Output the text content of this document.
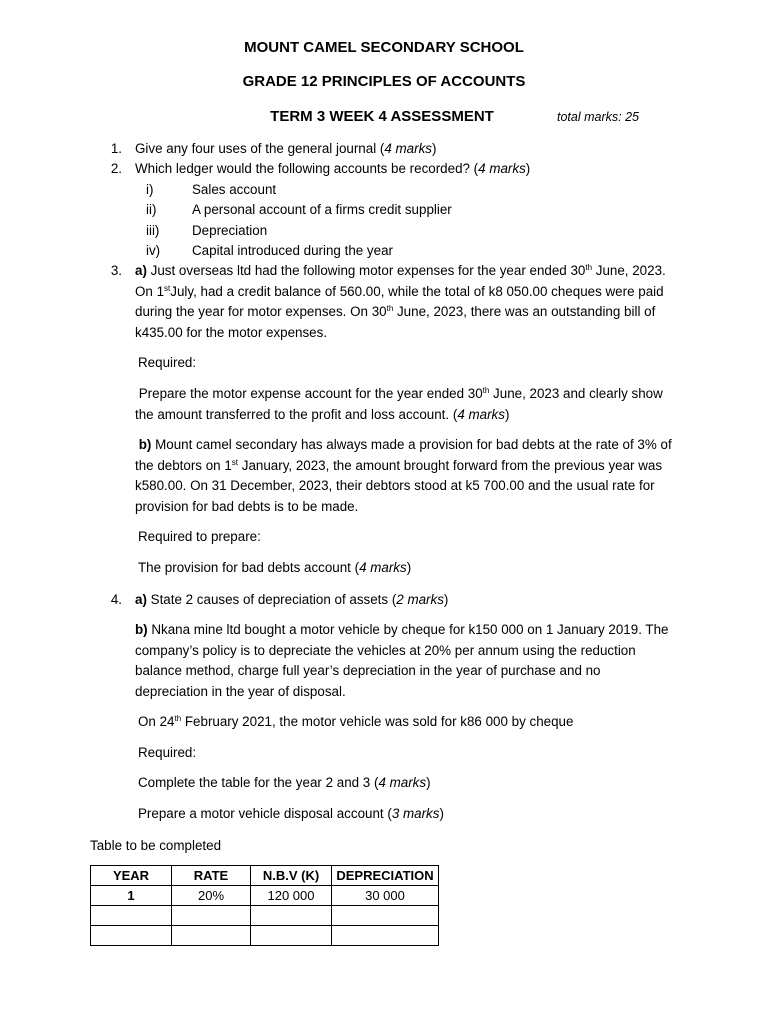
MOUNT CAMEL SECONDARY SCHOOL
GRADE 12 PRINCIPLES OF ACCOUNTS
TERM 3 WEEK 4 ASSESSMENT	total marks: 25
1. Give any four uses of the general journal (4 marks)
2. Which ledger would the following accounts be recorded? (4 marks)
i)	Sales account
ii)	A personal account of a firms credit supplier
iii) Depreciation
iv) Capital introduced during the year
3. a) Just overseas ltd had the following motor expenses for the year ended 30th June, 2023. On 1stJuly, had a credit balance of 560.00, while the total of k8 050.00 cheques were paid during the year for motor expenses. On 30th June, 2023, there was an outstanding bill of k435.00 for the motor expenses.

Required:

Prepare the motor expense account for the year ended 30th June, 2023 and clearly show the amount transferred to the profit and loss account. (4 marks)

b) Mount camel secondary has always made a provision for bad debts at the rate of 3% of the debtors on 1st January, 2023, the amount brought forward from the previous year was k580.00. On 31 December, 2023, their debtors stood at k5 700.00 and the usual rate for provision for bad debts is to be made.

Required to prepare:
The provision for bad debts account (4 marks)
4. a) State 2 causes of depreciation of assets (2 marks)

b) Nkana mine ltd bought a motor vehicle by cheque for k150 000 on 1 January 2019. The company’s policy is to depreciate the vehicles at 20% per annum using the reduction balance method, charge full year’s depreciation in the year of purchase and no depreciation in the year of disposal.

On 24th February 2021, the motor vehicle was sold for k86 000 by cheque
Required:
Complete the table for the year 2 and 3 (4 marks)
Prepare a motor vehicle disposal account (3 marks)
Table to be completed
YEAR	RATE	N.B.V (K)	DEPRECIATION
1	20%	120 000	30 000
